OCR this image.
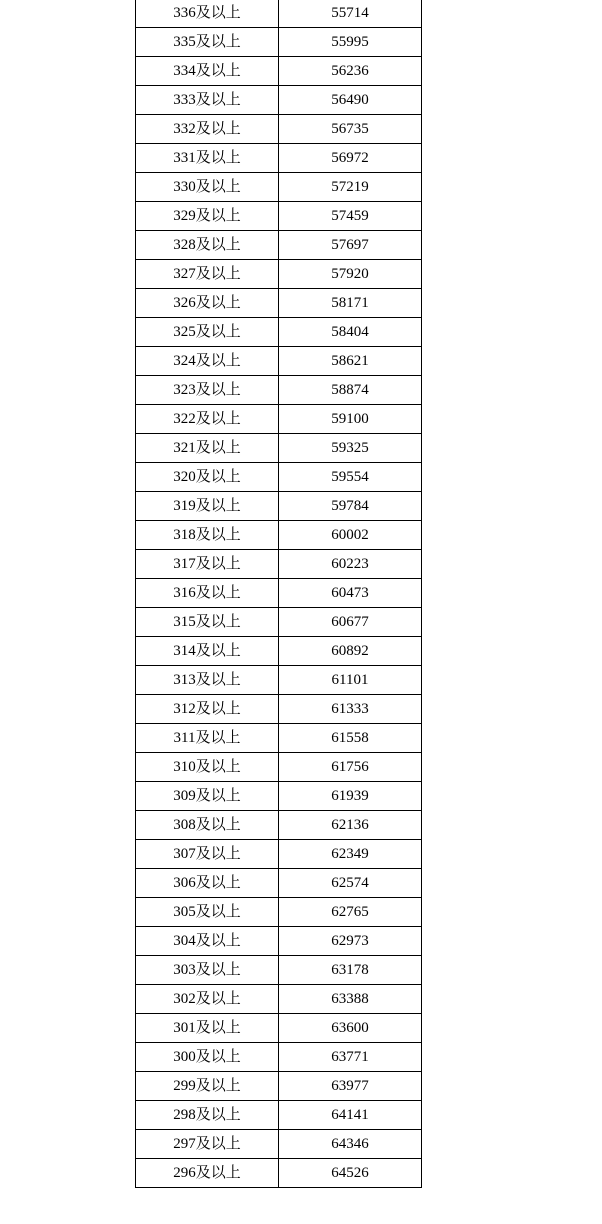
336及以上	55714
335及以上	55995
334及以上	56236
333及以上	56490
332及以上	56735
331及以上	56972
330及以上	57219
329及以上	57459
328及以上	57697
327及以上	57920
326及以上	58171
325及以上	58404
324及以上	58621
323及以上	58874
322及以上	59100
321及以上	59325
320及以上	59554
319及以上	59784
318及以上	60002
317及以上	60223
316及以上	60473
315及以上	60677
314及以上	60892
313及以上	61101
312及以上	61333
311及以上	61558
310及以上	61756
309及以上	61939
308及以上	62136
307及以上	62349
306及以上	62574
305及以上	62765
304及以上	62973
303及以上	63178
302及以上	63388
301及以上	63600
300及以上	63771
299及以上	63977
298及以上	64141
297及以上	64346
296及以上	64526
